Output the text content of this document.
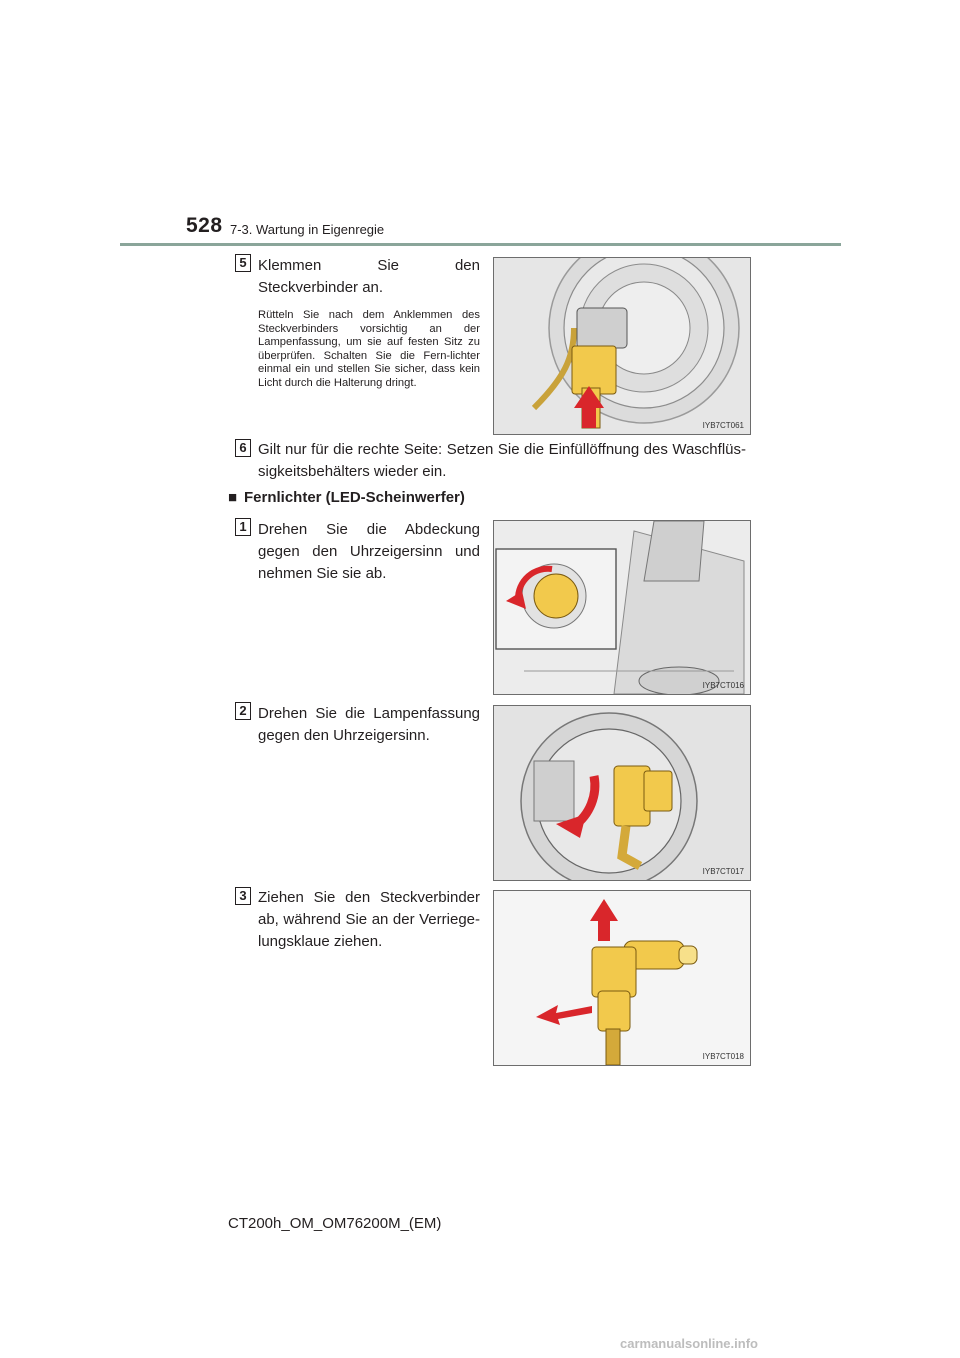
528 7-3. Wartung in Eigenregie
5 Klemmen Sie den Steckverbinder an.
Rütteln Sie nach dem Anklemmen des Steckverbinders vorsichtig an der Lampenfassung, um sie auf festen Sitz zu überprüfen. Schalten Sie die Fern-lichter einmal ein und stellen Sie sicher, dass kein Licht durch die Halterung dringt.
IYB7CT061
6 Gilt nur für die rechte Seite: Setzen Sie die Einfüllöffnung des Waschflüs-sigkeitsbehälters wieder ein.
■ Fernlichter (LED-Scheinwerfer)
1 Drehen Sie die Abdeckung gegen den Uhrzeigersinn und nehmen Sie sie ab.
IYB7CT016
2 Drehen Sie die Lampenfassung gegen den Uhrzeigersinn.
IYB7CT017
3 Ziehen Sie den Steckverbinder ab, während Sie an der Verriege-lungsklaue ziehen.
IYB7CT018
CT200h_OM_OM76200M_(EM)
carmanualsonline.info
